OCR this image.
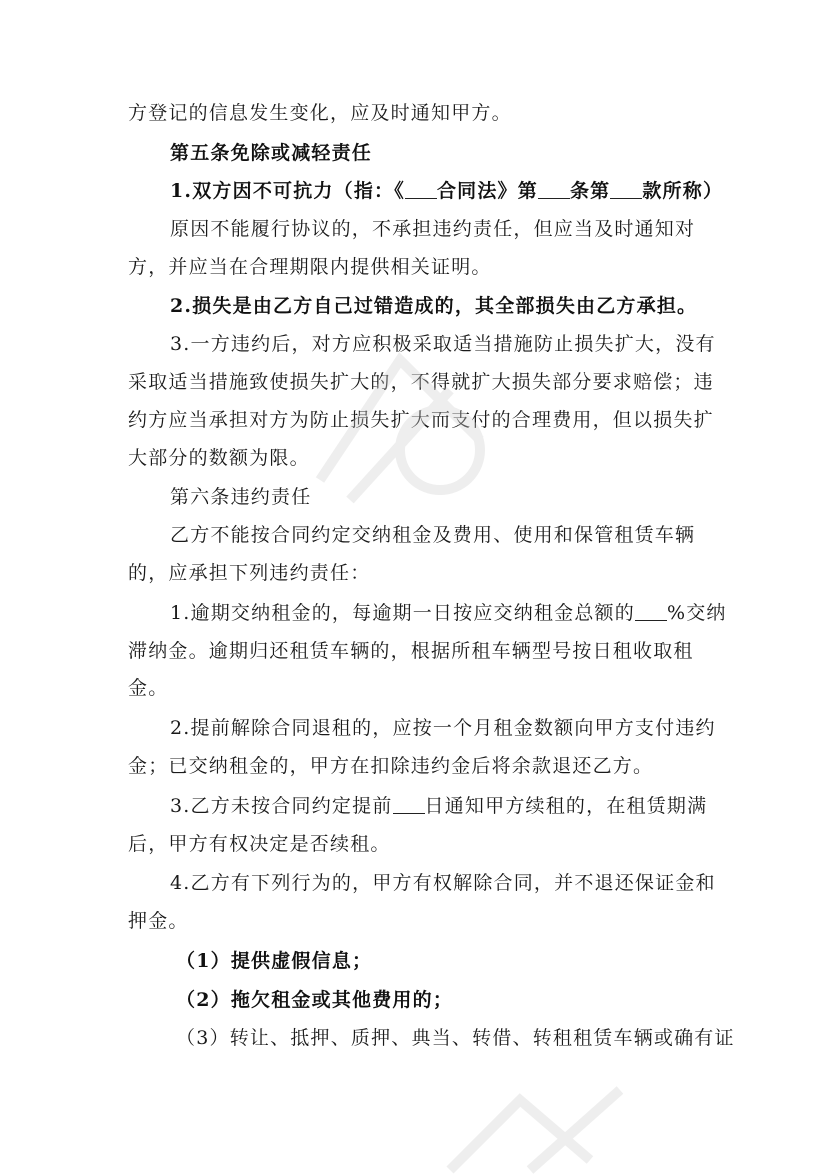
方登记的信息发生变化，应及时通知甲方。
第五条免除或减轻责任
1.双方因不可抗力（指：《 合同法》第 条第 款所称）
原因不能履行协议的，不承担违约责任，但应当及时通知对
方，并应当在合理期限内提供相关证明。
2.损失是由乙方自己过错造成的，其全部损失由乙方承担。
3.一方违约后，对方应积极采取适当措施防止损失扩大，没有
采取适当措施致使损失扩大的，不得就扩大损失部分要求赔偿；违
约方应当承担对方为防止损失扩大而支付的合理费用，但以损失扩
大部分的数额为限。
第六条违约责任
乙方不能按合同约定交纳租金及费用、使用和保管租赁车辆
的，应承担下列违约责任：
1.逾期交纳租金的，每逾期一日按应交纳租金总额的 %交纳
滞纳金。逾期归还租赁车辆的，根据所租车辆型号按日租收取租
金。
2.提前解除合同退租的，应按一个月租金数额向甲方支付违约
金；已交纳租金的，甲方在扣除违约金后将余款退还乙方。
3.乙方未按合同约定提前 日通知甲方续租的，在租赁期满
后，甲方有权决定是否续租。
4.乙方有下列行为的，甲方有权解除合同，并不退还保证金和
押金。
（1）提供虚假信息；
（2）拖欠租金或其他费用的；
（3）转让、抵押、质押、典当、转借、转租租赁车辆或确有证
